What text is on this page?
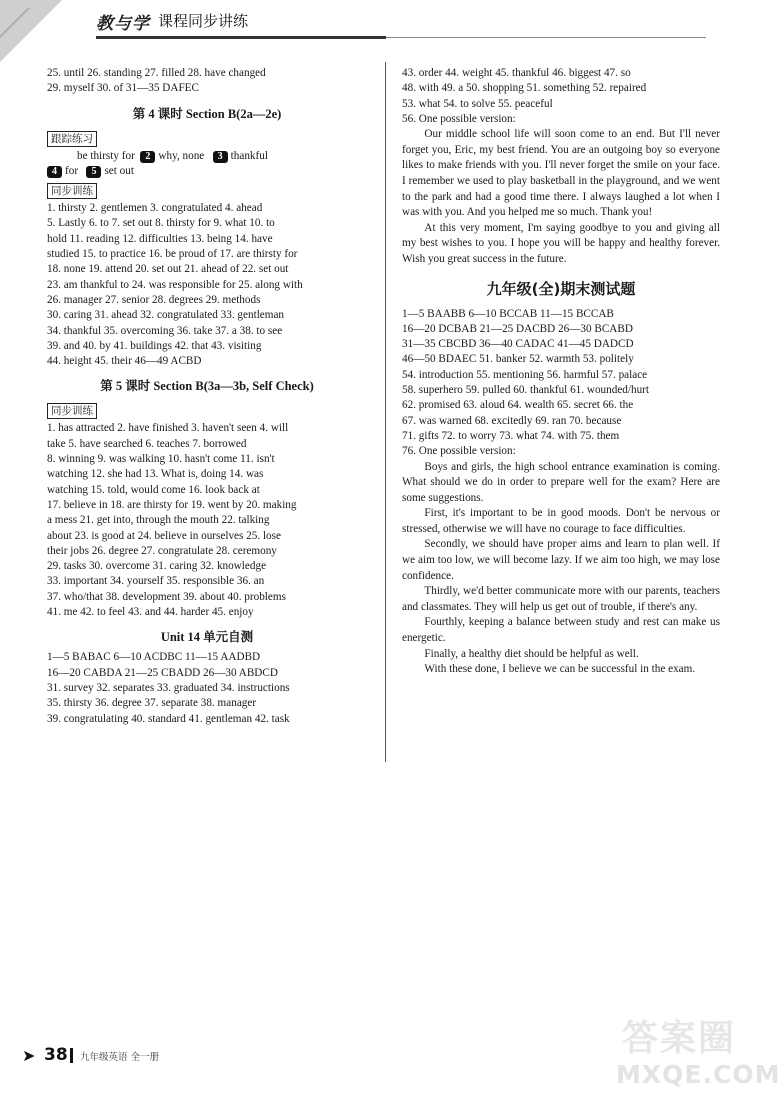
教与学 课程同步讲练
25. until 26. standing 27. filled 28. have changed
29. myself 30. of 31—35 DAFEC
第 4 课时 Section B(2a—2e)
跟踪练习
be thirsty for 2 why, none 3 thankful
4 for 5 set out
同步训练
1. thirsty 2. gentlemen 3. congratulated 4. ahead
5. Lastly 6. to 7. set out 8. thirsty for 9. what 10. to
hold 11. reading 12. difficulties 13. being 14. have
studied 15. to practice 16. be proud of 17. are thirsty for
18. none 19. attend 20. set out 21. ahead of 22. set out
23. am thankful to 24. was responsible for 25. along with
26. manager 27. senior 28. degrees 29. methods
30. caring 31. ahead 32. congratulated 33. gentleman
34. thankful 35. overcoming 36. take 37. a 38. to see
39. and 40. by 41. buildings 42. that 43. visiting
44. height 45. their 46—49 ACBD
第 5 课时 Section B(3a—3b, Self Check)
同步训练
1. has attracted 2. have finished 3. haven't seen 4. will
take 5. have searched 6. teaches 7. borrowed
8. winning 9. was walking 10. hasn't come 11. isn't
watching 12. she had 13. What is, doing 14. was
watching 15. told, would come 16. look back at
17. believe in 18. are thirsty for 19. went by 20. making
a mess 21. get into, through the mouth 22. talking
about 23. is good at 24. believe in ourselves 25. lose
their jobs 26. degree 27. congratulate 28. ceremony
29. tasks 30. overcome 31. caring 32. knowledge
33. important 34. yourself 35. responsible 36. an
37. who/that 38. development 39. about 40. problems
41. me 42. to feel 43. and 44. harder 45. enjoy
Unit 14 单元自测
1—5 BABAC 6—10 ACDBC 11—15 AADBD
16—20 CABDA 21—25 CBADD 26—30 ABDCD
31. survey 32. separates 33. graduated 34. instructions
35. thirsty 36. degree 37. separate 38. manager
39. congratulating 40. standard 41. gentleman 42. task
43. order 44. weight 45. thankful 46. biggest 47. so
48. with 49. a 50. shopping 51. something 52. repaired
53. what 54. to solve 55. peaceful
56. One possible version:
Our middle school life will soon come to an end. But I'll never forget you, Eric, my best friend. You are an outgoing boy so everyone likes to make friends with you. I'll never forget the smile on your face. I remember we used to play basketball in the playground, and we went to the park and had a good time there. I always laughed a lot when I was with you. And you helped me so much. Thank you!
At this very moment, I'm saying goodbye to you and giving all my best wishes to you. I hope you will be happy and healthy forever. Wish you great success in the future.
九年级(全)期末测试题
1—5 BAABB 6—10 BCCAB 11—15 BCCAB
16—20 DCBAB 21—25 DACBD 26—30 BCABD
31—35 CBCBD 36—40 CADAC 41—45 DADCD
46—50 BDAEC 51. banker 52. warmth 53. politely
54. introduction 55. mentioning 56. harmful 57. palace
58. superhero 59. pulled 60. thankful 61. wounded/hurt
62. promised 63. aloud 64. wealth 65. secret 66. the
67. was warned 68. excitedly 69. ran 70. because
71. gifts 72. to worry 73. what 74. with 75. them
76. One possible version:
Boys and girls, the high school entrance examination is coming. What should we do in order to prepare well for the exam? Here are some suggestions.
First, it's important to be in good moods. Don't be nervous or stressed, otherwise we will have no courage to face difficulties.
Secondly, we should have proper aims and learn to plan well. If we aim too low, we will become lazy. If we aim too high, we may lose confidence.
Thirdly, we'd better communicate more with our parents, teachers and classmates. They will help us get out of trouble, if there's any.
Fourthly, keeping a balance between study and rest can make us energetic.
Finally, a healthy diet should be helpful as well.
With these done, I believe we can be successful in the exam.
答案圈
MXQE.COM
➤ 38 九年级英语 全一册
